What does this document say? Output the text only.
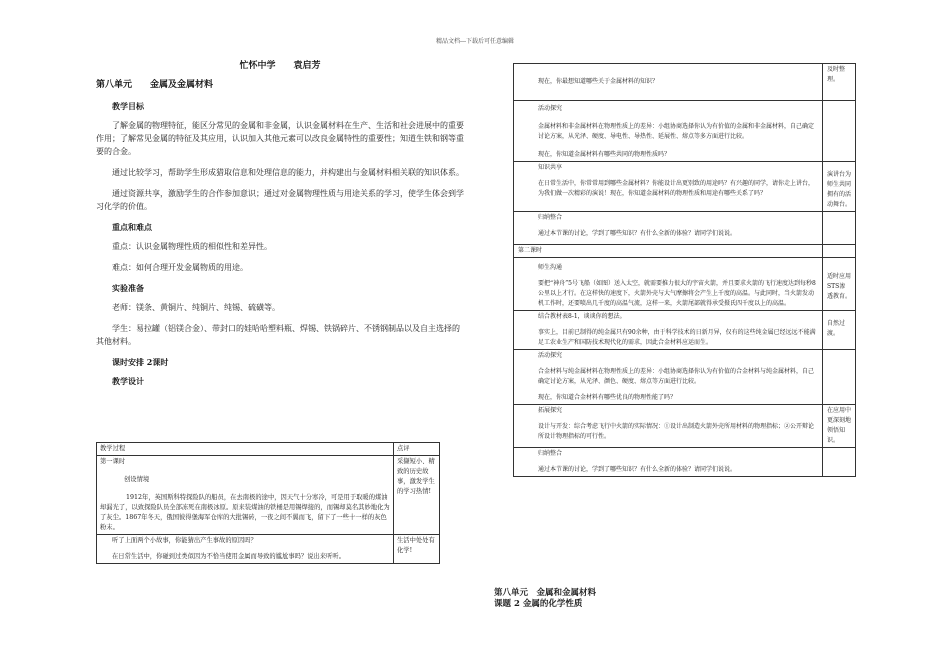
精品文档---下载后可任意编辑

忙怀中学　　袁启芳

第八单元　　金属及金属材料

教学目标

了解金属的物理特征，能区分常见的金属和非金属，认识金属材料在生产、生活和社会进展中的重要作用；了解常见金属的特征及其应用，认识加入其他元素可以改良金属特性的重要性；知道生铁和钢等重要的合金。

通过比较学习，帮助学生形成猎取信息和处理信息的能力，并构建出与金属材料相关联的知识体系。

通过资源共享，激励学生的合作参加意识；通过对金属物理性质与用途关系的学习，使学生体会到学习化学的价值。

重点和难点

重点：认识金属物理性质的相似性和差异性。

难点：如何合理开发金属物质的用途。

实验准备

老师：镁条、黄铜片、纯铜片、纯锡、硫磺等。

学生：易拉罐（铝镁合金）、带封口的娃哈哈塑料瓶、焊锡、铁锅碎片、不锈钢制品以及自主选择的其他材料。

课时安排 2课时

教学设计

教学过程	点评

第一课时
创设情境
1912年，英国斯科特探险队的船员，在去南极的途中，因天气十分寒冷，可是用于取暖的煤油却漏光了，以致探险队员全部冻死在南极冰原。原来装煤油的铁桶是用锡焊接的，而锡却莫名其妙地化为了灰尘。1867年冬天，俄国彼得堡海军仓库的大批锡砖，一夜之间不翼而飞，留下了一些十一样的灰色粉末。	采撷短小、精致的历史故事，激发学生的学习热情!

听了上面两个小故事，你能猜出产生事故的原因吗？
在日常生活中，你碰到过类似因为不恰当使用金属而导致的尴尬事吗？说出来听听。	生活中处处有化学!
现在，你最想知道哪些关于金属材料的知识？	及时整理。

活动探究
金属材料和非金属材料在物理性质上的差异：小组协商选择你认为有价值的金属和非金属材料，自己确定讨论方案，从光泽、硬度、导电性、导热性、延展性、熔点等多方面进行比较。
现在，你知道金属材料有哪些共同的物理性质吗？	

知识共享
在日常生活中，你常常用到哪些金属材料？你能设计出更别致的用途吗？有兴趣的同学，请你走上讲台，为我们做一次精彩的演说！现在，你知道金属材料的物理性质和用途有哪些关系了吗？	演讲台为师生共同拥有的活动舞台。

归纳整合
通过本节课的讨论，学到了哪些知识？有什么全新的体验？请同学们说说。	

第二课时	

师生沟通
要把“神舟”5号飞船（如图）送入太空，就需要推力很大的宇宙火箭，并且要求火箭的飞行速度达到每秒8公里以上才行。在这样快的速度下，火箭外壳与大气摩擦将会产生上千度的高温。与此同时，当火箭发动机工作时，还要喷出几千度的高温气流，这样一来，火箭尾部就得承受摄氏四千度以上的高温。	适时应用STS渗透教育。

结合教材表8-1，谈谈你的想法。
事实上，目前已制得的纯金属只有90余种，由于科学技术的日新月异，仅有的这些纯金属已经远远不能满足工农业生产和国防技术现代化的需求，因此合金材料应运而生。	自然过渡。

活动探究
合金材料与纯金属材料在物理性质上的差异：小组协商选择你认为有价值的合金材料与纯金属材料，自己确定讨论方案，从光泽、颜色、硬度、熔点等方面进行比较。
现在，你知道合金材料有哪些优良的物理性能了吗？	

拓展探究
设计与开发：综合考虑飞行中火箭的实际情况：①设计出制造火箭外壳所用材料的物理指标；②公开辩论所设计物理指标的可行性。	在应用中更深刻地领悟知识。

归纳整合
通过本节课的讨论，学到了哪些知识？有什么全新的体验？请同学们说说。	

第八单元　金属和金属材料
课题 2 金属的化学性质
